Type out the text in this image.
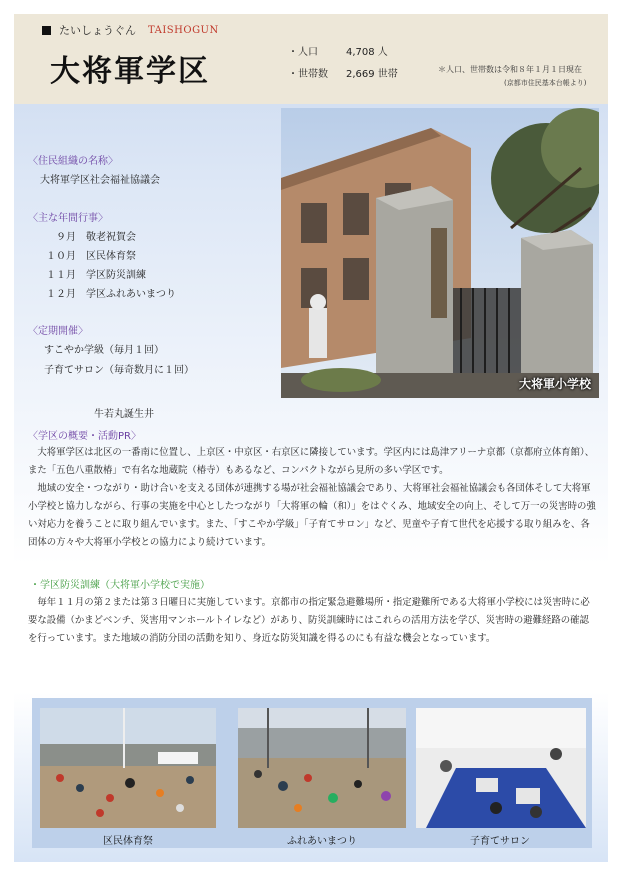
たいしょうぐん TAISHOGUN
大将軍学区
・人口	4,708 人
・世帯数 2,669 世帯	＊人口、世帯数は令和８年１月１日現在
(京都市住民基本台帳より)
大将軍小学校
〈住民組織の名称〉
大将軍学区社会福祉協議会
〈主な年間行事〉
９月　 敬老祝賀会
１０月　 区民体育祭
１１月　 学区防災訓練
１２月　 学区ふれあいまつり
〈定期開催〉
すこやか学級（毎月１回）
子育てサロン（毎奇数月に１回）
牛若丸誕生井
〈学区の概要・活動PR〉

大将軍学区は北区の一番南に位置し、上京区・中京区・右京区に隣接しています。学区内には島津アリーナ京都（京都府立体育館）、また「五色八重散椿」で有名な地蔵院（椿寺）もあるなど、コンパクトながら見所の多い学区です。

地域の安全・つながり・助け合いを支える団体が連携する場が社会福祉協議会であり、大将軍社会福祉協議会も各団体そして大将軍小学校と協力しながら、行事の実施を中心としたつながり「大将軍の輪（和）」をはぐくみ、地域安全の向上、そして万一の災害時の強い対応力を養うことに取り組んでいます。また、「すこやか学級」「子育てサロン」など、児童や子育て世代を応援する取り組みを、各団体の方々や大将軍小学校との協力により続けています。

・学区防災訓練（大将軍小学校で実施）

毎年１１月の第２または第３日曜日に実施しています。京都市の指定緊急避難場所・指定避難所である大将軍小学校には災害時に必要な設備（かまどベンチ、災害用マンホールトイレなど）があり、防災訓練時にはこれらの活用方法を学び、災害時の避難経路の確認を行っています。また地域の消防分団の活動を知り、身近な防災知識を得るのにも有益な機会となっています。

区民体育祭	ふれあいまつり	子育てサロン
